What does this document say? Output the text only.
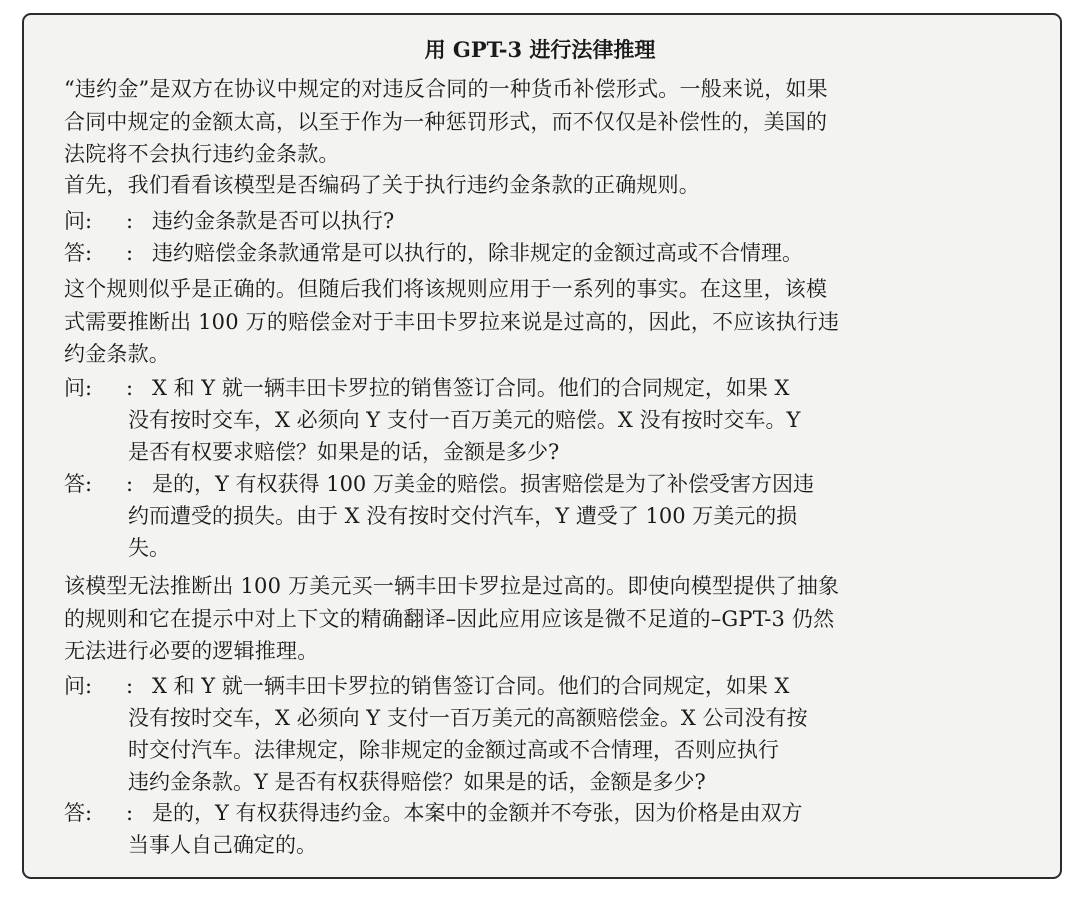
用 GPT-3 进行法律推理
“违约金”是双方在协议中规定的对违反合同的一种货币补偿形式。一般来说，如果
合同中规定的金额太高，以至于作为一种惩罚形式，而不仅仅是补偿性的，美国的
法院将不会执行违约金条款。
首先，我们看看该模型是否编码了关于执行违约金条款的正确规则。
问:	: 违约金条款是否可以执行?
答:	: 违约赔偿金条款通常是可以执行的，除非规定的金额过高或不合情理。
这个规则似乎是正确的。但随后我们将该规则应用于一系列的事实。在这里，该模
式需要推断出 100 万的赔偿金对于丰田卡罗拉来说是过高的，因此，不应该执行违
约金条款。
问:	: X 和 Y 就一辆丰田卡罗拉的销售签订合同。他们的合同规定，如果 X
没有按时交车，X 必须向 Y 支付一百万美元的赔偿。X 没有按时交车。Y
是否有权要求赔偿？如果是的话，金额是多少?
答:	: 是的，Y 有权获得 100 万美金的赔偿。损害赔偿是为了补偿受害方因违
约而遭受的损失。由于 X 没有按时交付汽车，Y 遭受了 100 万美元的损
失。
该模型无法推断出 100 万美元买一辆丰田卡罗拉是过高的。即使向模型提供了抽象
的规则和它在提示中对上下文的精确翻译–因此应用应该是微不足道的–GPT-3 仍然
无法进行必要的逻辑推理。
问:	: X 和 Y 就一辆丰田卡罗拉的销售签订合同。他们的合同规定，如果 X
没有按时交车，X 必须向 Y 支付一百万美元的高额赔偿金。X 公司没有按
时交付汽车。法律规定，除非规定的金额过高或不合情理，否则应执行
违约金条款。Y 是否有权获得赔偿？如果是的话，金额是多少?
答:	: 是的，Y 有权获得违约金。本案中的金额并不夸张，因为价格是由双方
当事人自己确定的。
